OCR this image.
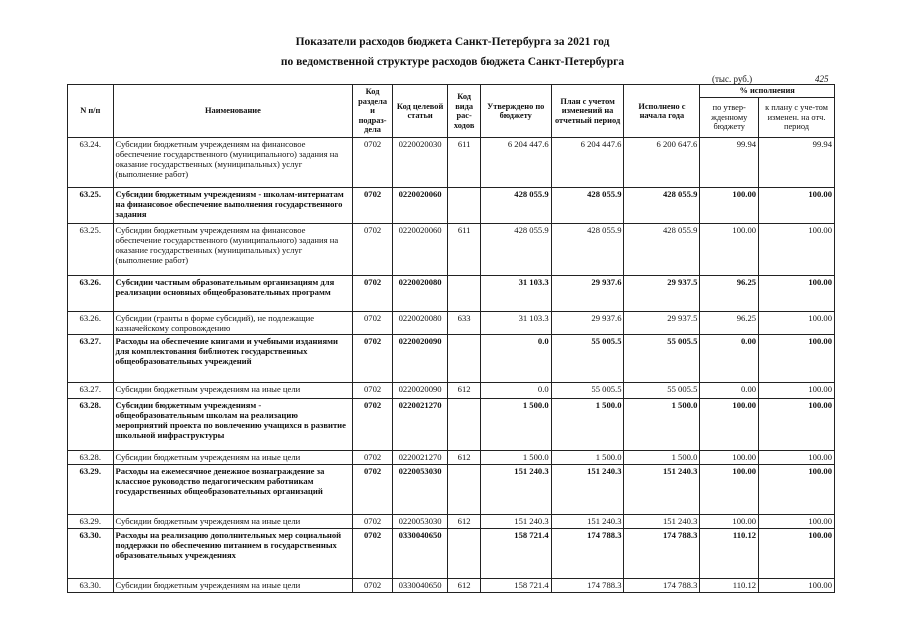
Показатели расходов бюджета Санкт-Петербурга за 2021 год
по ведомственной структуре расходов бюджета Санкт-Петербурга
(тыс. руб.)	425
N п/п	Наименование	Код раздела и подраз-дела	Код целевой статьи	Код вида рас-ходов	Утверждено по бюджету	План с учетом изменений на отчетный период	Исполнено с начала года	% исполнения	
								по утвер-жденному бюджету	к плану с уче-том изменен. на отч. период
63.24.	Субсидии бюджетным учреждениям на финансовое обеспечение государственного (муниципального) задания на оказание государственных (муниципальных) услуг (выполнение работ)	0702	0220020030	611	6 204 447.6	6 204 447.6	6 200 647.6	99.94	99.94
63.25.	Субсидии бюджетным учреждениям - школам-интернатам на финансовое обеспечение выполнения государственного задания	0702	0220020060		428 055.9	428 055.9	428 055.9	100.00	100.00
63.25.	Субсидии бюджетным учреждениям на финансовое обеспечение государственного (муниципального) задания на оказание государственных (муниципальных) услуг (выполнение работ)	0702	0220020060	611	428 055.9	428 055.9	428 055.9	100.00	100.00
63.26.	Субсидии частным образовательным организациям для реализации основных общеобразовательных программ	0702	0220020080		31 103.3	29 937.6	29 937.5	96.25	100.00
63.26.	Субсидии (гранты в форме субсидий), не подлежащие казначейскому сопровождению	0702	0220020080	633	31 103.3	29 937.6	29 937.5	96.25	100.00
63.27.	Расходы на обеспечение книгами и учебными изданиями для комплектования библиотек государственных общеобразовательных учреждений	0702	0220020090		0.0	55 005.5	55 005.5	0.00	100.00
63.27.	Субсидии бюджетным учреждениям на иные цели	0702	0220020090	612	0.0	55 005.5	55 005.5	0.00	100.00
63.28.	Субсидии бюджетным учреждениям - общеобразовательным школам на реализацию мероприятий проекта по вовлечению учащихся в развитие школьной инфраструктуры	0702	0220021270		1 500.0	1 500.0	1 500.0	100.00	100.00
63.28.	Субсидии бюджетным учреждениям на иные цели	0702	0220021270	612	1 500.0	1 500.0	1 500.0	100.00	100.00
63.29.	Расходы на ежемесячное денежное вознаграждение за классное руководство педагогическим работникам государственных общеобразовательных организаций	0702	0220053030		151 240.3	151 240.3	151 240.3	100.00	100.00
63.29.	Субсидии бюджетным учреждениям на иные цели	0702	0220053030	612	151 240.3	151 240.3	151 240.3	100.00	100.00
63.30.	Расходы на реализацию дополнительных мер социальной поддержки по обеспечению питанием в государственных образовательных учреждениях	0702	0330040650		158 721.4	174 788.3	174 788.3	110.12	100.00
63.30.	Субсидии бюджетным учреждениям на иные цели	0702	0330040650	612	158 721.4	174 788.3	174 788.3	110.12	100.00
